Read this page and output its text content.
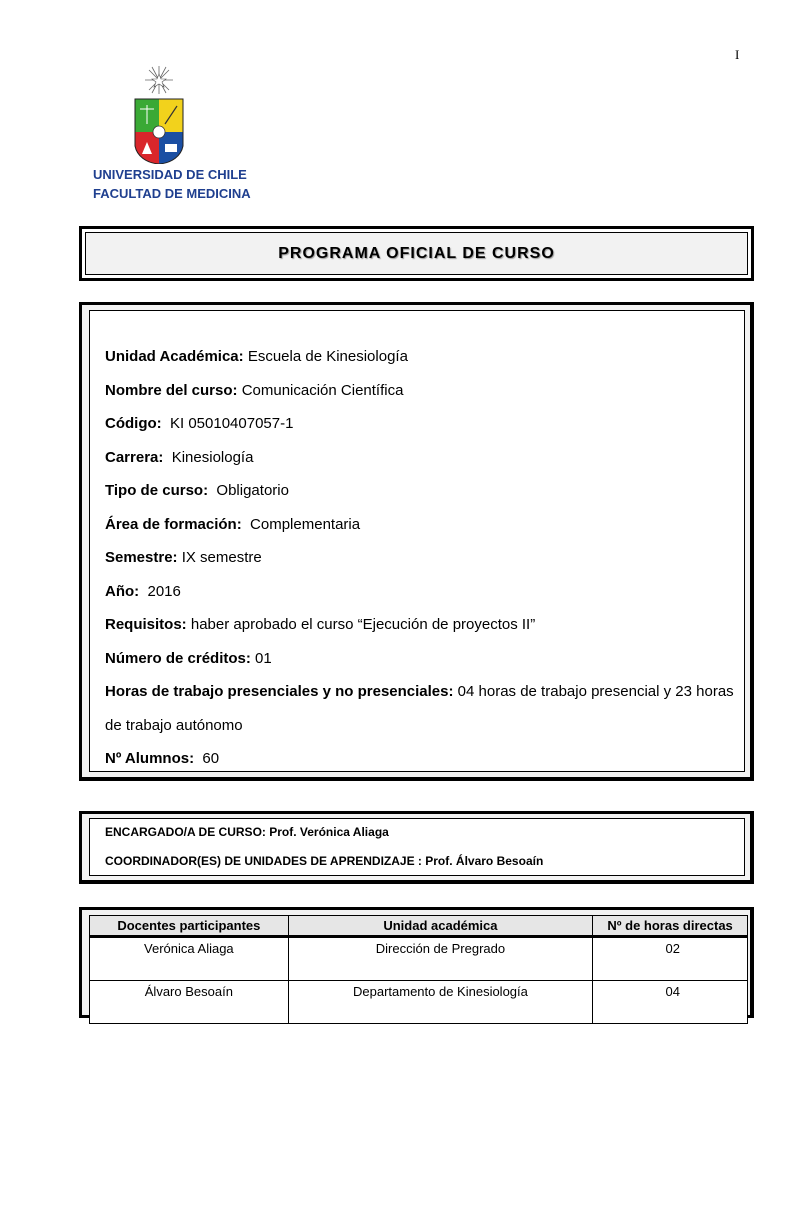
I
UNIVERSIDAD DE CHILE
FACULTAD DE MEDICINA
PROGRAMA OFICIAL DE CURSO
Unidad Académica: Escuela de Kinesiología
Nombre del curso: Comunicación Científica
Código:  KI 05010407057-1
Carrera:  Kinesiología
Tipo de curso:  Obligatorio
Área de formación:  Complementaria
Semestre: IX semestre
Año:  2016
Requisitos: haber aprobado el curso “Ejecución de proyectos II”
Número de créditos: 01
Horas de trabajo presenciales y no presenciales: 04 horas de trabajo presencial y 23 horas de trabajo autónomo
Nº Alumnos:  60
ENCARGADO/A DE CURSO: Prof. Verónica Aliaga
COORDINADOR(ES) DE UNIDADES DE APRENDIZAJE : Prof. Álvaro Besoaín
Docentes participantes	Unidad académica	Nº de horas directas
Verónica Aliaga	Dirección de Pregrado	02
Álvaro Besoaín	Departamento de Kinesiología	04
